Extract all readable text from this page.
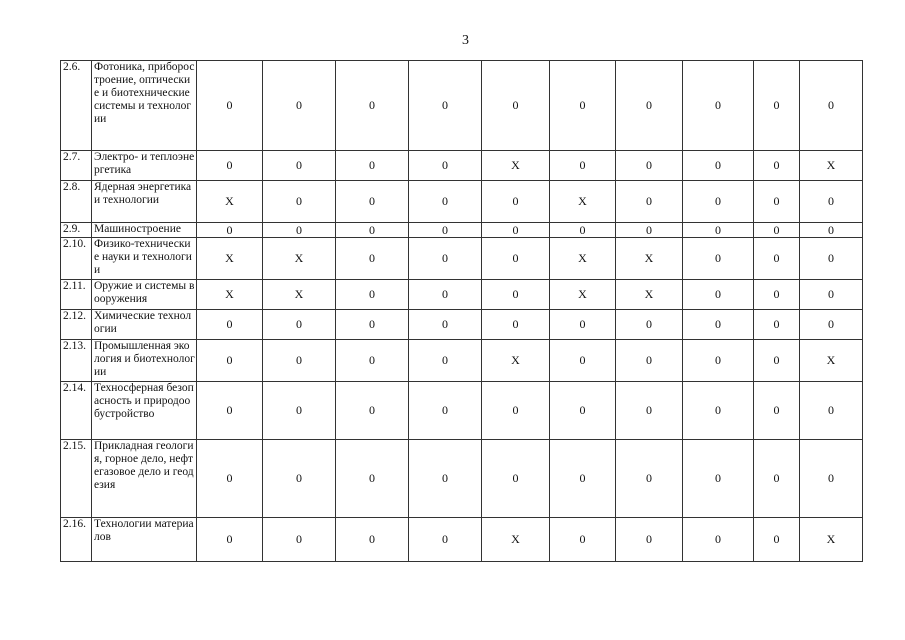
3
2.6.	Фотоника, приборостроение, оптические и биотехнические системы и технологии	0	0	0	0	0	0	0	0	0	0
2.7.	Электро- и теплоэнергетика	0	0	0	0	X	0	0	0	0	X
2.8.	Ядерная энергетика и технологии	X	0	0	0	0	X	0	0	0	0
2.9.	Машиностроение	0	0	0	0	0	0	0	0	0	0
2.10.	Физико-технические науки и технологии	X	X	0	0	0	X	X	0	0	0
2.11.	Оружие и системы вооружения	X	X	0	0	0	X	X	0	0	0
2.12.	Химические технологии	0	0	0	0	0	0	0	0	0	0
2.13.	Промышленная экология и биотехнологии	0	0	0	0	X	0	0	0	0	X
2.14.	Техносферная безопасность и природообустройство	0	0	0	0	0	0	0	0	0	0
2.15.	Прикладная геология, горное дело, нефтегазовое дело и геодезия	0	0	0	0	0	0	0	0	0	0
2.16.	Технологии материалов	0	0	0	0	X	0	0	0	0	X
